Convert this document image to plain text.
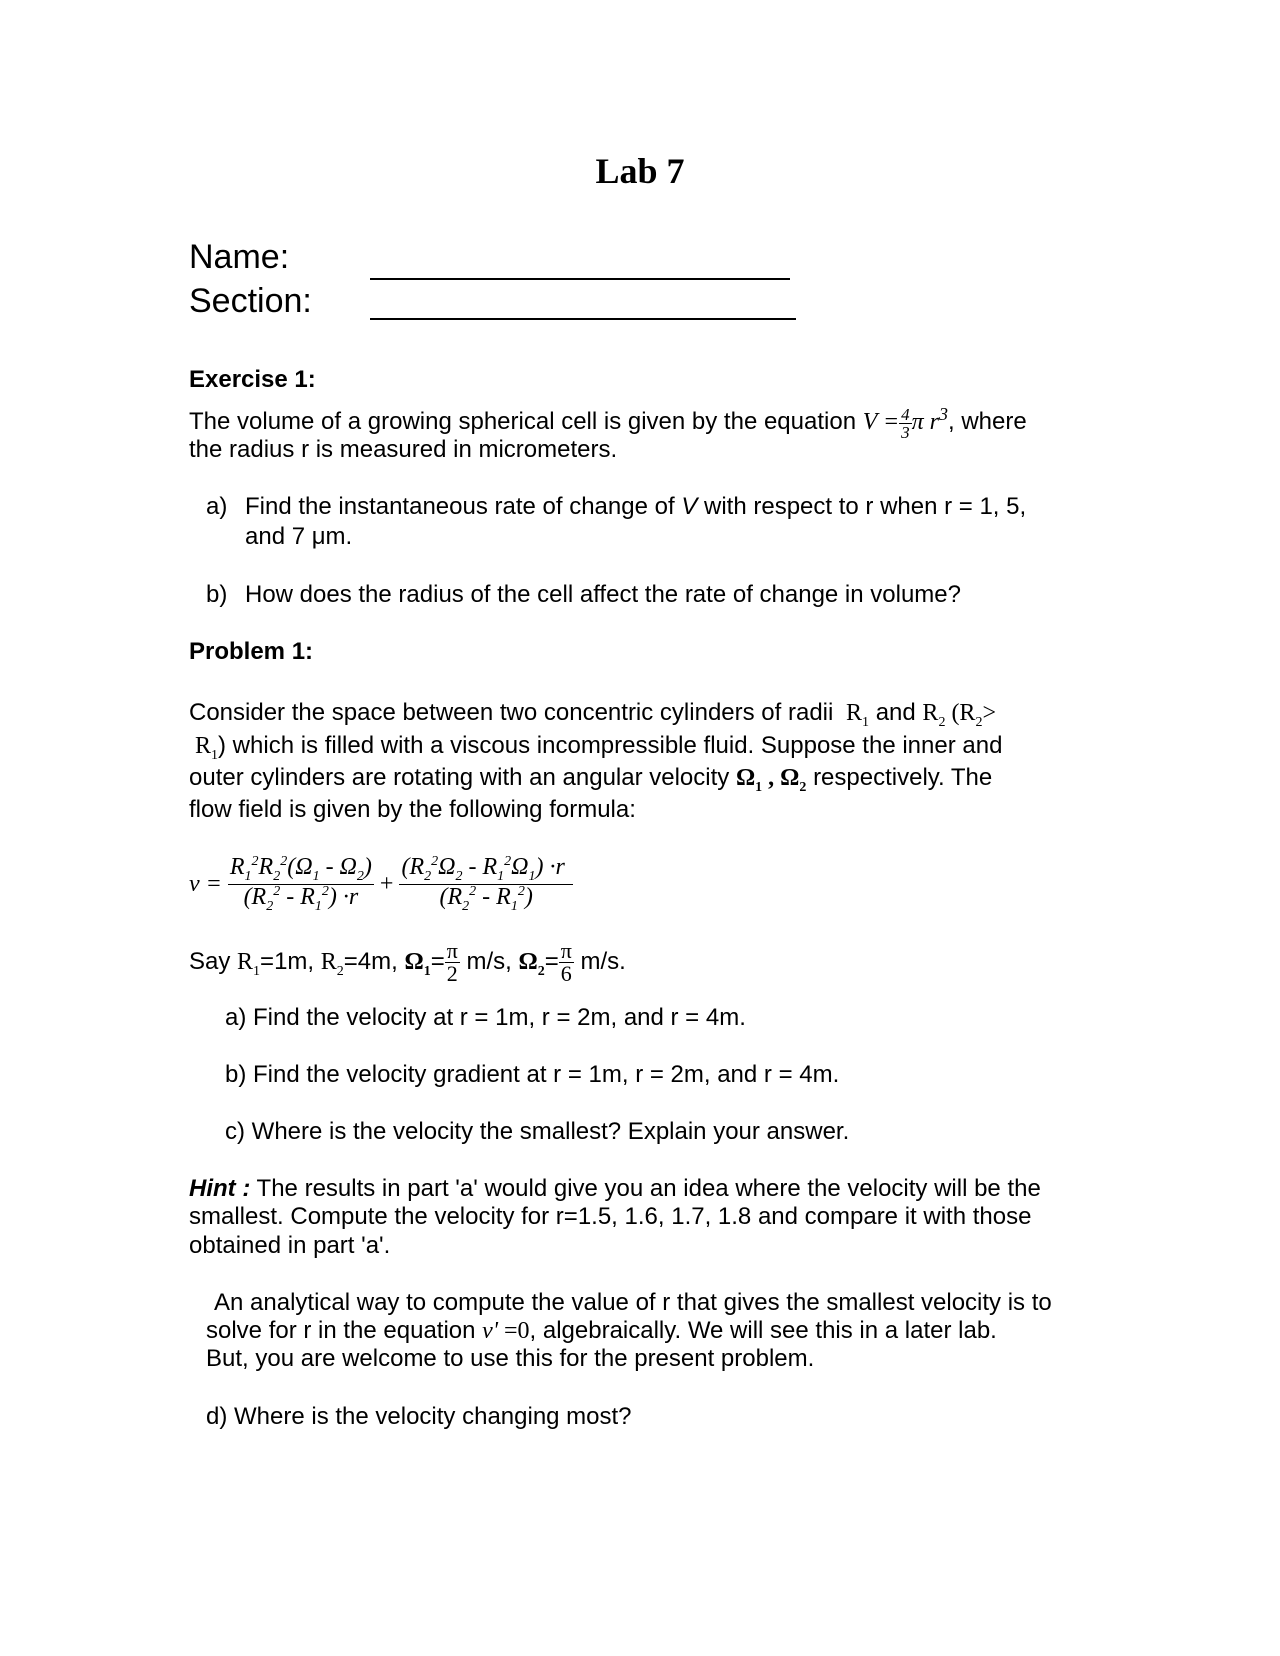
Lab 7
Name:
Section:
Exercise 1:
The volume of a growing spherical cell is given by the equation $V = \frac{4}{3}$ π $r^3$, where
the radius r is measured in micrometers.
a) Find the instantaneous rate of change of V with respect to r when r = 1, 5,
and 7 μm.
b) How does the radius of the cell affect the rate of change in volume?
Problem 1:
Consider the space between two concentric cylinders of radii  $R_1$ and $R_2$ ($R_2>$
$R_1$) which is filled with a viscous incompressible fluid. Suppose the inner and
outer cylinders are rotating with an angular velocity $\Omega_1$ , $\Omega_2$ respectively. The
flow field is given by the following formula:
$v = \frac{R_1^2R_2^2(\Omega_1 - \Omega_2)}{(R_2^2 - R_1^2) \cdot r} + \frac{(R_2^2\Omega_2 - R_1^2\Omega_1) \cdot r}{(R_2^2 - R_1^2)}$
Say $R_1=1m$, $R_2=4m$, $\Omega_1= \frac{\pi}{2} m/s$, $\Omega_2= \frac{\pi}{6} m/s$.
a) Find the velocity at r = 1m, r = 2m, and r = 4m.
b) Find the velocity gradient at r = 1m, r = 2m, and r = 4m.
c) Where is the velocity the smallest? Explain your answer.
Hint : The results in part 'a' would give you an idea where the velocity will be the
smallest. Compute the velocity for r=1.5, 1.6, 1.7, 1.8 and compare it with those
obtained in part 'a'.
An analytical way to compute the value of r that gives the smallest velocity is to
solve for r in the equation v' =0, algebraically. We will see this in a later lab.
But, you are welcome to use this for the present problem.
d) Where is the velocity changing most?
